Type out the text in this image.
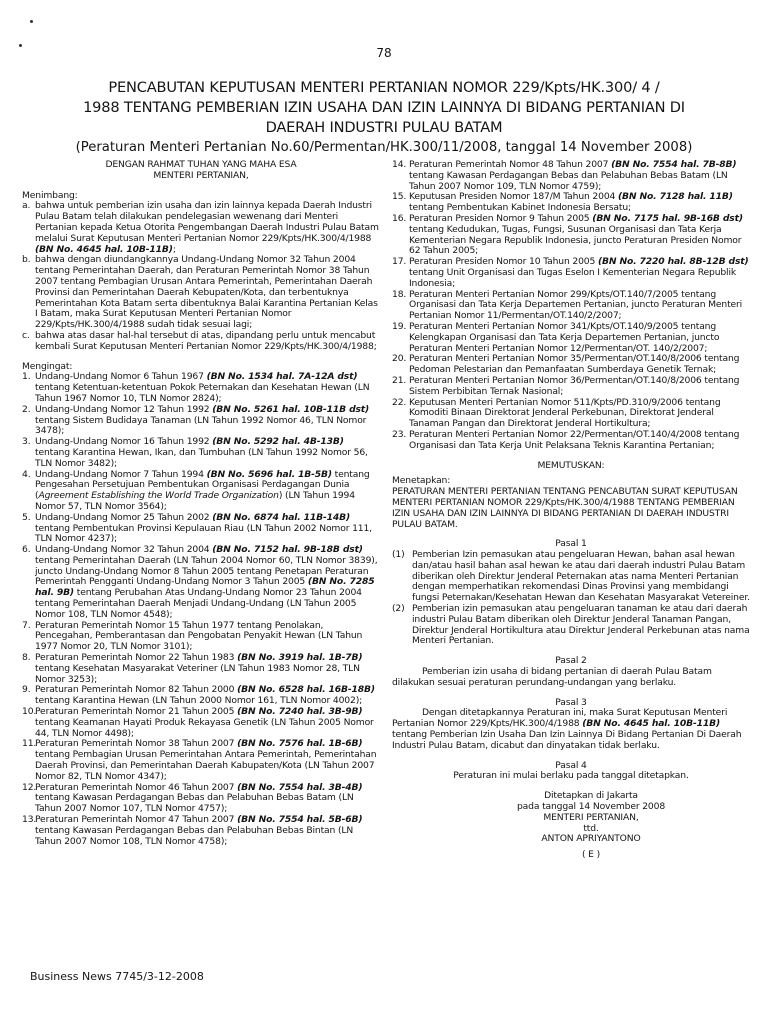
78
PENCABUTAN KEPUTUSAN MENTERI PERTANIAN NOMOR 229/Kpts/HK.300/ 4 /
1988 TENTANG PEMBERIAN IZIN USAHA DAN IZIN LAINNYA DI BIDANG PERTANIAN DI
DAERAH INDUSTRI PULAU BATAM
(Peraturan Menteri Pertanian No.60/Permentan/HK.300/11/2008, tanggal 14 November 2008)
DENGAN RAHMAT TUHAN YANG MAHA ESA
MENTERI PERTANIAN,
Menimbang:
a. bahwa untuk pemberian izin usaha dan izin lainnya kepada Daerah Industri Pulau Batam telah dilakukan pendelegasian wewenang dari Menteri Pertanian kepada Ketua Otorita Pengembangan Daerah Industri Pulau Batam melalui Surat Keputusan Menteri Pertanian Nomor 229/Kpts/HK.300/4/1988 (BN No. 4645 hal. 10B-11B);
b. bahwa dengan diundangkannya Undang-Undang Nomor 32 Tahun 2004 tentang Pemerintahan Daerah, dan Peraturan Pemerintah Nomor 38 Tahun 2007 tentang Pembagian Urusan Antara Pemerintah, Pemerintahan Daerah Provinsi dan Pemerintahan Daerah Kebupaten/Kota, dan terbentuknya Pemerintahan Kota Batam serta dibentuknya Balai Karantina Pertanian Kelas I Batam, maka Surat Keputusan Menteri Pertanian Nomor 229/Kpts/HK.300/4/1988 sudah tidak sesuai lagi;
c. bahwa atas dasar hal-hal tersebut di atas, dipandang perlu untuk mencabut kembali Surat Keputusan Menteri Pertanian Nomor 229/Kpts/HK.300/4/1988;
Mengingat:
1. Undang-Undang Nomor 6 Tahun 1967 (BN No. 1534 hal. 7A-12A dst) tentang Ketentuan-ketentuan Pokok Peternakan dan Kesehatan Hewan (LN Tahun 1967 Nomor 10, TLN Nomor 2824);
2. Undang-Undang Nomor 12 Tahun 1992 (BN No. 5261 hal. 10B-11B dst) tentang Sistem Budidaya Tanaman (LN Tahun 1992 Nomor 46, TLN Nomor 3478);
3. Undang-Undang Nomor 16 Tahun 1992 (BN No. 5292 hal. 4B-13B) tentang Karantina Hewan, Ikan, dan Tumbuhan (LN Tahun 1992 Nomor 56, TLN Nomor 3482);
4. Undang-Undang Nomor 7 Tahun 1994 (BN No. 5696 hal. 1B-5B) tentang Pengesahan Persetujuan Pembentukan Organisasi Perdagangan Dunia (Agreement Establishing the World Trade Organization) (LN Tahun 1994 Nomor 57, TLN Nomor 3564);
5. Undang-Undang Nomor 25 Tahun 2002 (BN No. 6874 hal. 11B-14B) tentang Pembentukan Provinsi Kepulauan Riau (LN Tahun 2002 Nomor 111, TLN Nomor 4237);
6. Undang-Undang Nomor 32 Tahun 2004 (BN No. 7152 hal. 9B-18B dst) tentang Pemerintahan Daerah (LN Tahun 2004 Nomor 60, TLN Nomor 3839), juncto Undang-Undang Nomor 8 Tahun 2005 tentang Penetapan Peraturan Pemerintah Pengganti Undang-Undang Nomor 3 Tahun 2005 (BN No. 7285 hal. 9B) tentang Perubahan Atas Undang-Undang Nomor 23 Tahun 2004 tentang Pemerintahan Daerah Menjadi Undang-Undang (LN Tahun 2005 Nomor 108, TLN Nomor 4548);
7. Peraturan Pemerintah Nomor 15 Tahun 1977 tentang Penolakan, Pencegahan, Pemberantasan dan Pengobatan Penyakit Hewan (LN Tahun 1977 Nomor 20, TLN Nomor 3101);
8. Peraturan Pemerintah Nomor 22 Tahun 1983 (BN No. 3919 hal. 1B-7B) tentang Kesehatan Masyarakat Veteriner (LN Tahun 1983 Nomor 28, TLN Nomor 3253);
9. Peraturan Pemerintah Nomor 82 Tahun 2000 (BN No. 6528 hal. 16B-18B) tentang Karantina Hewan (LN Tahun 2000 Nomor 161, TLN Nomor 4002);
10.
Peraturan Pemerintah Nomor 21 Tahun 2005 (BN No. 7240 hal. 3B-9B) tentang Keamanan Hayati Produk Rekayasa Genetik (LN Tahun 2005 Nomor 44, TLN Nomor 4498);
11.
Peraturan Pemerintah Nomor 38 Tahun 2007 (BN No. 7576 hal. 1B-6B) tentang Pembagian Urusan Pemerintahan Antara Pemerintah, Pemerintahan Daerah Provinsi, dan Pemerintahan Daerah Kabupaten/Kota (LN Tahun 2007 Nomor 82, TLN Nomor 4347);
12.
Peraturan Pemerintah Nomor 46 Tahun 2007 (BN No. 7554 hal. 3B-4B) tentang Kawasan Perdagangan Bebas dan Pelabuhan Bebas Batam (LN Tahun 2007 Nomor 107, TLN Nomor 4757);
13.
Peraturan Pemerintah Nomor 47 Tahun 2007 (BN No. 7554 hal. 5B-6B) tentang Kawasan Perdagangan Bebas dan Pelabuhan Bebas Bintan (LN Tahun 2007 Nomor 108, TLN Nomor 4758);
14. Peraturan Pemerintah Nomor 48 Tahun 2007 (BN No. 7554 hal. 7B-8B) tentang Kawasan Perdagangan Bebas dan Pelabuhan Bebas Batam (LN Tahun 2007 Nomor 109, TLN Nomor 4759);
15. Keputusan Presiden Nomor 187/M Tahun 2004 (BN No. 7128 hal. 11B) tentang Pembentukan Kabinet Indonesia Bersatu;
16. Peraturan Presiden Nomor 9 Tahun 2005 (BN No. 7175 hal. 9B-16B dst) tentang Kedudukan, Tugas, Fungsi, Susunan Organisasi dan Tata Kerja Kementerian Negara Republik Indonesia, juncto Peraturan Presiden Nomor 62 Tahun 2005;
17. Peraturan Presiden Nomor 10 Tahun 2005 (BN No. 7220 hal. 8B-12B dst) tentang Unit Organisasi dan Tugas Eselon I Kementerian Negara Republik Indonesia;
18. Peraturan Menteri Pertanian Nomor 299/Kpts/OT.140/7/2005 tentang Organisasi dan Tata Kerja Departemen Pertanian, juncto Peraturan Menteri Pertanian Nomor 11/Permentan/OT.140/2/2007;
19. Peraturan Menteri Pertanian Nomor 341/Kpts/OT.140/9/2005 tentang Kelengkapan Organisasi dan Tata Kerja Departemen Pertanian, juncto Peraturan Menteri Pertanian Nomor 12/Permentan/OT. 140/2/2007;
20. Peraturan Menteri Pertanian Nomor 35/Permentan/OT.140/8/2006 tentang Pedoman Pelestarian dan Pemanfaatan Sumberdaya Genetik Ternak;
21. Peraturan Menteri Pertanian Nomor 36/Permentan/OT.140/8/2006 tentang Sistem Perbibitan Ternak Nasional;
22. Keputusan Menteri Pertanian Nomor 511/Kpts/PD.310/9/2006 tentang Komoditi Binaan Direktorat Jenderal Perkebunan, Direktorat Jenderal Tanaman Pangan dan Direktorat Jenderal Hortikultura;
23. Peraturan Menteri Pertanian Nomor 22/Permentan/OT.140/4/2008 tentang Organisasi dan Tata Kerja Unit Pelaksana Teknis Karantina Pertanian;
MEMUTUSKAN:
Menetapkan:
PERATURAN MENTERI PERTANIAN TENTANG PENCABUTAN SURAT KEPUTUSAN MENTERI PERTANIAN NOMOR 229/Kpts/HK.300/4/1988 TENTANG PEMBERIAN IZIN USAHA DAN IZIN LAINNYA DI BIDANG PERTANIAN DI DAERAH INDUSTRI PULAU BATAM.
Pasal 1
(1) Pemberian Izin pemasukan atau pengeluaran Hewan, bahan asal hewan dan/atau hasil bahan asal hewan ke atau dari daerah industri Pulau Batam diberikan oleh Direktur Jenderal Peternakan atas nama Menteri Pertanian dengan memperhatikan rekomendasi Dinas Provinsi yang membidangi fungsi Peternakan/Kesehatan Hewan dan Kesehatan Masyarakat Vetereiner.
(2) Pemberian izin pemasukan atau pengeluaran tanaman ke atau dari daerah industri Pulau Batam diberikan oleh Direktur Jenderal Tanaman Pangan, Direktur Jenderal Hortikultura atau Direktur Jenderal Perkebunan atas nama Menteri Pertanian.
Pasal 2
Pemberian izin usaha di bidang pertanian di daerah Pulau Batam dilakukan sesuai peraturan perundang-undangan yang berlaku.
Pasal 3
Dengan ditetapkannya Peraturan ini, maka Surat Keputusan Menteri Pertanian Nomor 229/Kpts/HK.300/4/1988 (BN No. 4645 hal. 10B-11B) tentang Pemberian Izin Usaha Dan Izin Lainnya Di Bidang Pertanian Di Daerah Industri Pulau Batam, dicabut dan dinyatakan tidak berlaku.
Pasal 4
Peraturan ini mulai berlaku pada tanggal ditetapkan.
Ditetapkan di Jakarta
pada tanggal 14 November 2008
MENTERI PERTANIAN,
ttd.
ANTON APRIYANTONO
( E )
Business News 7745/3-12-2008
